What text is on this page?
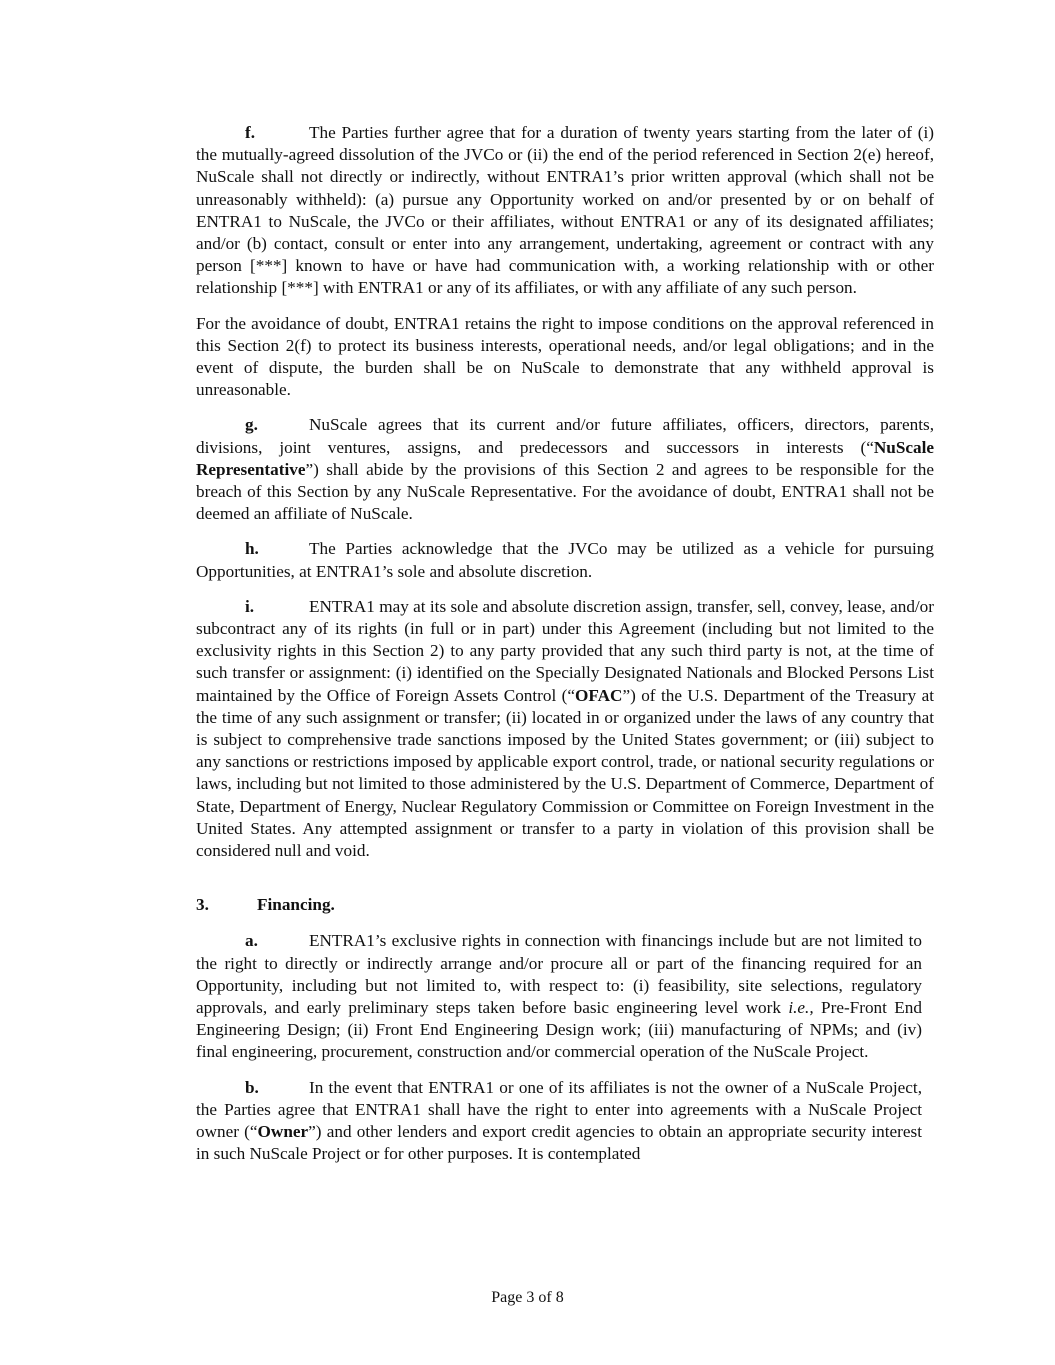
f.	The Parties further agree that for a duration of twenty years starting from the later of (i) the mutually-agreed dissolution of the JVCo or (ii) the end of the period referenced in Section 2(e) hereof, NuScale shall not directly or indirectly, without ENTRA1’s prior written approval (which shall not be unreasonably withheld): (a) pursue any Opportunity worked on and/or presented by or on behalf of ENTRA1 to NuScale, the JVCo or their affiliates, without ENTRA1 or any of its designated affiliates; and/or (b) contact, consult or enter into any arrangement, undertaking, agreement or contract with any person [***] known to have or have had communication with, a working relationship with or other relationship [***] with ENTRA1 or any of its affiliates, or with any affiliate of any such person.

For the avoidance of doubt, ENTRA1 retains the right to impose conditions on the approval referenced in this Section 2(f) to protect its business interests, operational needs, and/or legal obligations; and in the event of dispute, the burden shall be on NuScale to demonstrate that any withheld approval is unreasonable.

g.	NuScale agrees that its current and/or future affiliates, officers, directors, parents, divisions, joint ventures, assigns, and predecessors and successors in interests (“NuScale Representative”) shall abide by the provisions of this Section 2 and agrees to be responsible for the breach of this Section by any NuScale Representative. For the avoidance of doubt, ENTRA1 shall not be deemed an affiliate of NuScale.

h.	The Parties acknowledge that the JVCo may be utilized as a vehicle for pursuing Opportunities, at ENTRA1’s sole and absolute discretion.

i.	ENTRA1 may at its sole and absolute discretion assign, transfer, sell, convey, lease, and/or subcontract any of its rights (in full or in part) under this Agreement (including but not limited to the exclusivity rights in this Section 2) to any party provided that any such third party is not, at the time of such transfer or assignment: (i) identified on the Specially Designated Nationals and Blocked Persons List maintained by the Office of Foreign Assets Control (“OFAC”) of the U.S. Department of the Treasury at the time of any such assignment or transfer; (ii) located in or organized under the laws of any country that is subject to comprehensive trade sanctions imposed by the United States government; or (iii) subject to any sanctions or restrictions imposed by applicable export control, trade, or national security regulations or laws, including but not limited to those administered by the U.S. Department of Commerce, Department of State, Department of Energy, Nuclear Regulatory Commission or Committee on Foreign Investment in the United States. Any attempted assignment or transfer to a party in violation of this provision shall be considered null and void.

3.	Financing.

a.	ENTRA1’s exclusive rights in connection with financings include but are not limited to the right to directly or indirectly arrange and/or procure all or part of the financing required for an Opportunity, including but not limited to, with respect to: (i) feasibility, site selections, regulatory approvals, and early preliminary steps taken before basic engineering level work i.e., Pre-Front End Engineering Design; (ii) Front End Engineering Design work; (iii) manufacturing of NPMs; and (iv) final engineering, procurement, construction and/or commercial operation of the NuScale Project.

b.	In the event that ENTRA1 or one of its affiliates is not the owner of a NuScale Project, the Parties agree that ENTRA1 shall have the right to enter into agreements with a NuScale Project owner (“Owner”) and other lenders and export credit agencies to obtain an appropriate security interest in such NuScale Project or for other purposes. It is contemplated

Page 3 of 8
